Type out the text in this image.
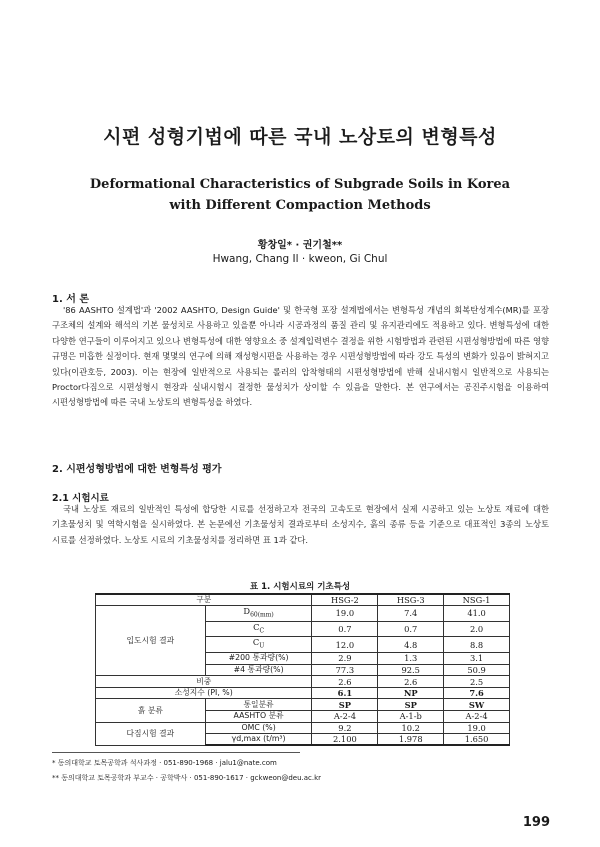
시편 성형기법에 따른 국내 노상토의 변형특성
Deformational Characteristics of Subgrade Soils in Korea
with Different Compaction Methods
황창일* · 권기철**
Hwang, Chang Il · kweon, Gi Chul
1. 서 론
'86 AASHTO 설계법'과 '2002 AASHTO, Design Guide' 및 한국형 포장 설계법에서는 변형특성 개념의 회복탄성계수(MR)를 포장 구조체의 설계와 해석의 기본 물성치로 사용하고 있을뿐 아니라 시공과정의 품질 관리 및 유지관리에도 적용하고 있다. 변형특성에 대한 다양한 연구들이 이루어지고 있으나 변형특성에 대한 영향요소 중 설계입력변수 결정을 위한 시험방법과 관련된 시편성형방법에 따른 영향 규명은 미흡한 실정이다. 현재 몇몇의 연구에 의해 재성형시편을 사용하는 경우 시편성형방법에 따라 강도 특성의 변화가 있음이 밝혀지고 있다(이관호등, 2003). 이는 현장에 일반적으로 사용되는 롤러의 압착형태의 시편성형방법에 반해 실내시험시 일반적으로 사용되는 Proctor다짐으로 시편성형시 현장과 실내시험시 결정한 물성치가 상이할 수 있음을 말한다. 본 연구에서는 공진주시험을 이용하여 시편성형방법에 따른 국내 노상토의 변형특성을 하였다.
2. 시편성형방법에 대한 변형특성 평가
2.1 시험시료
국내 노상토 재료의 일반적인 특성에 합당한 시료를 선정하고자 전국의 고속도로 현장에서 실제 시공하고 있는 노상토 재료에 대한 기초물성치 및 역학시험을 실시하였다. 본 논문에선 기초물성치 결과로부터 소성지수, 흙의 종류 등을 기준으로 대표적인 3종의 노상토 시료를 선정하였다. 노상토 시료의 기초물성치를 정리하면 표 1과 같다.
표 1. 시험시료의 기초특성
구분		HSG-2	HSG-3	NSG-1
입도시험 결과	$D_{60(mm)}$	19.0	7.4	41.0
	$C_C$	0.7	0.7	2.0
	$C_U$	12.0	4.8	8.8
	#200 통과량(%)	2.9	1.3	3.1
	#4 통과량(%)	77.3	92.5	50.9
비중		2.6	2.6	2.5
소성지수 (PI, %)		6.1	NP	7.6
흙 분류	통일분류	SP	SP	SW
	AASHTO 분류	A-2-4	A-1-b	A-2-4
다짐시험 결과	OMC (%)	9.2	10.2	19.0
	γd,max (t/m³)	2.100	1.978	1.650
* 동의대학교 토목공학과 석사과정 · 051-890-1968 · jalu1@nate.com
** 동의대학교 토목공학과 부교수 · 공학박사 · 051-890-1617 · gckweon@deu.ac.kr
199
